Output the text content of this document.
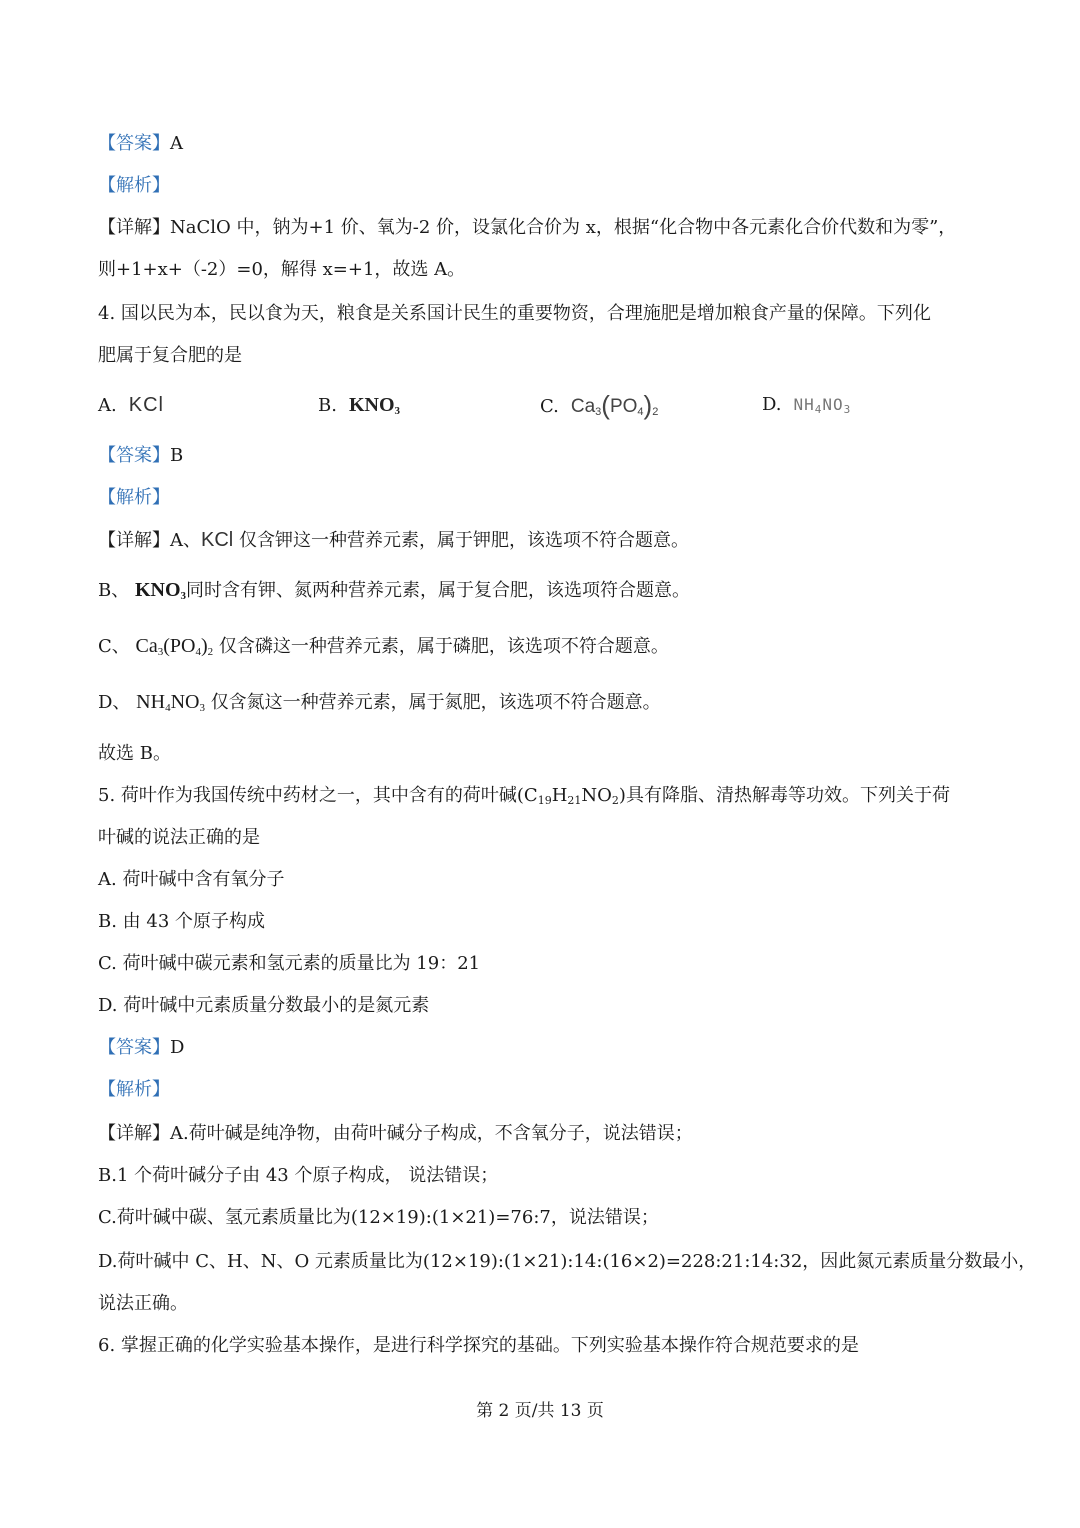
【答案】A
【解析】
【详解】NaClO 中，钠为+1 价、氧为-2 价，设氯化合价为 x，根据“化合物中各元素化合价代数和为零”，
则+1+x+（-2）=0，解得 x=+1，故选 A。
4. 国以民为本，民以食为天，粮食是关系国计民生的重要物资，合理施肥是增加粮食产量的保障。下列化
肥属于复合肥的是
A. KCl	B. $KNO_3$	C. $Ca_3(PO_4)_2$	D. $NH_4NO_3$
【答案】B
【解析】
【详解】A、KCl 仅含钾这一种营养元素，属于钾肥，该选项不符合题意。
B、 $KNO_3$同时含有钾、氮两种营养元素，属于复合肥，该选项符合题意。
C、 $Ca_3(PO_4)_2$ 仅含磷这一种营养元素，属于磷肥，该选项不符合题意。
D、 $NH_4NO_3$ 仅含氮这一种营养元素，属于氮肥，该选项不符合题意。
故选 B。
5. 荷叶作为我国传统中药材之一，其中含有的荷叶碱$(C_{19}H_{21}NO_2)$具有降脂、清热解毒等功效。下列关于荷
叶碱的说法正确的是
A. 荷叶碱中含有氧分子
B. 由 43 个原子构成
C. 荷叶碱中碳元素和氢元素的质量比为 19：21
D. 荷叶碱中元素质量分数最小的是氮元素
【答案】D
【解析】
【详解】A.荷叶碱是纯净物，由荷叶碱分子构成，不含氧分子，说法错误；
B.1 个荷叶碱分子由 43 个原子构成， 说法错误；
C.荷叶碱中碳、氢元素质量比为(12×19):(1×21)=76:7，说法错误；
D.荷叶碱中 C、H、N、O 元素质量比为(12×19):(1×21):14:(16×2)=228:21:14:32，因此氮元素质量分数最小，
说法正确。
6. 掌握正确的化学实验基本操作，是进行科学探究的基础。下列实验基本操作符合规范要求的是
第 2 页/共 13 页
